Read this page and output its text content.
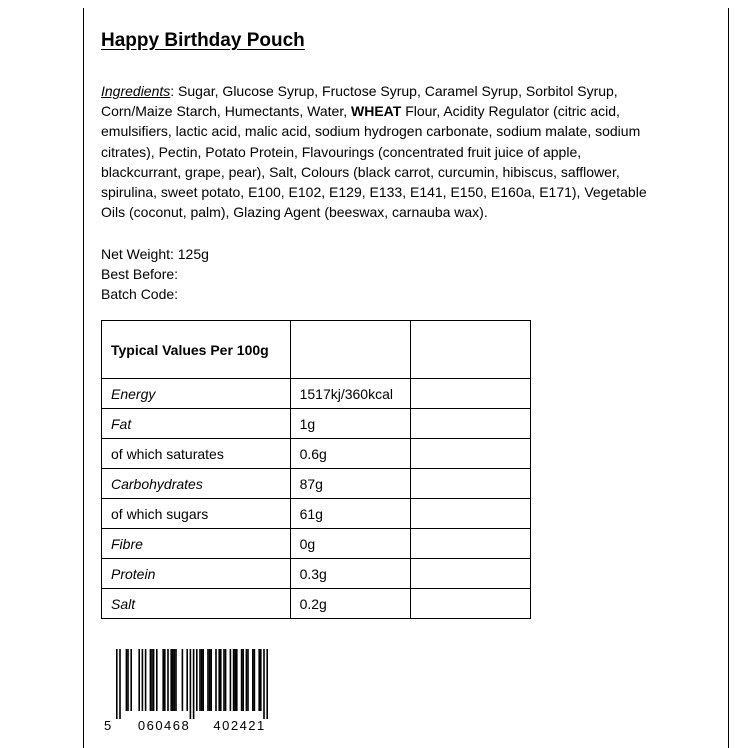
Happy Birthday Pouch

Ingredients: Sugar, Glucose Syrup, Fructose Syrup, Caramel Syrup, Sorbitol Syrup, Corn/Maize Starch, Humectants, Water, WHEAT Flour, Acidity Regulator (citric acid, emulsifiers, lactic acid, malic acid, sodium hydrogen carbonate, sodium malate, sodium citrates), Pectin, Potato Protein, Flavourings (concentrated fruit juice of apple, blackcurrant, grape, pear), Salt, Colours (black carrot, curcumin, hibiscus, safflower, spirulina, sweet potato, E100, E102, E129, E133, E141, E150, E160a, E171), Vegetable Oils (coconut, palm), Glazing Agent (beeswax, carnauba wax).

Net Weight: 125g
Best Before:
Batch Code:
Typical Values Per 100g		
Energy	1517kj/360kcal	
Fat	1g	
of which saturates	0.6g	
Carbohydrates	87g	
of which sugars	61g	
Fibre	0g	
Protein	0.3g	
Salt	0.2g	
5 060468 402421
